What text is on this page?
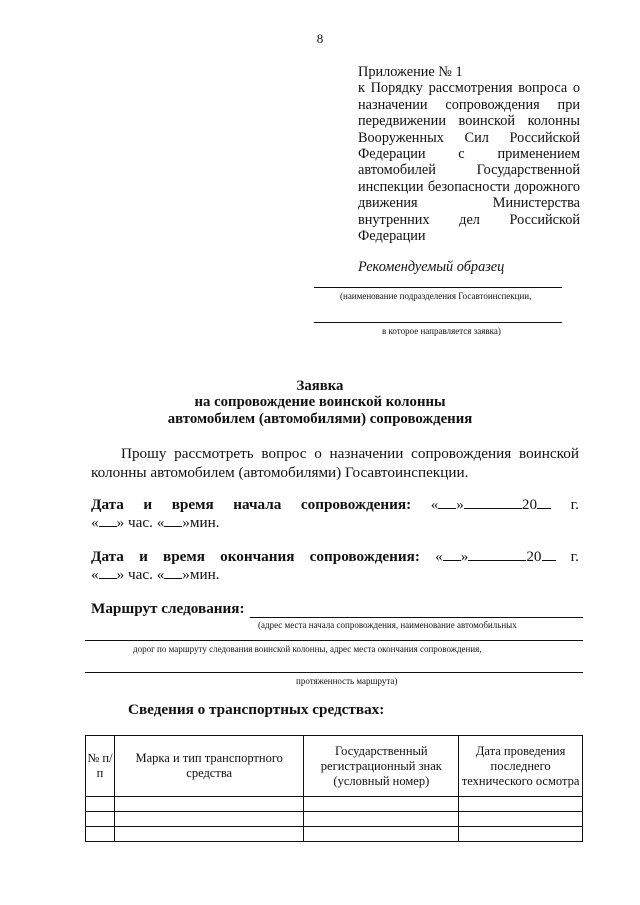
8

Приложение № 1

к Порядку рассмотрения вопроса о назначении сопровождения при передвижении воинской колонны Вооруженных Сил Российской Федерации с применением автомобилей Государственной инспекции безопасности дорожного движения Министерства внутренних дел Российской Федерации

Рекомендуемый образец

(наименование подразделения Госавтоинспекции,
в которое направляется заявка)
Заявка
на сопровождение воинской колонны
автомобилем (автомобилями) сопровождения
Прошу рассмотреть вопрос о назначении сопровождения воинской колонны автомобилем (автомобилями) Госавтоинспекции.
Дата и время начала сопровождения: « »	20	г.
« » час. « »мин.
Дата и время окончания сопровождения: « »	20	г.
« » час. « »мин.
Маршрут следования:
(адрес места начала сопровождения, наименование автомобильных
дорог по маршруту следования воинской колонны, адрес места окончания сопровождения,
протяженность маршрута)
Сведения о транспортных средствах:
№ п/п	Марка и тип транспортного средства	Государственный регистрационный знак (условный номер)	Дата проведения последнего технического осмотра
